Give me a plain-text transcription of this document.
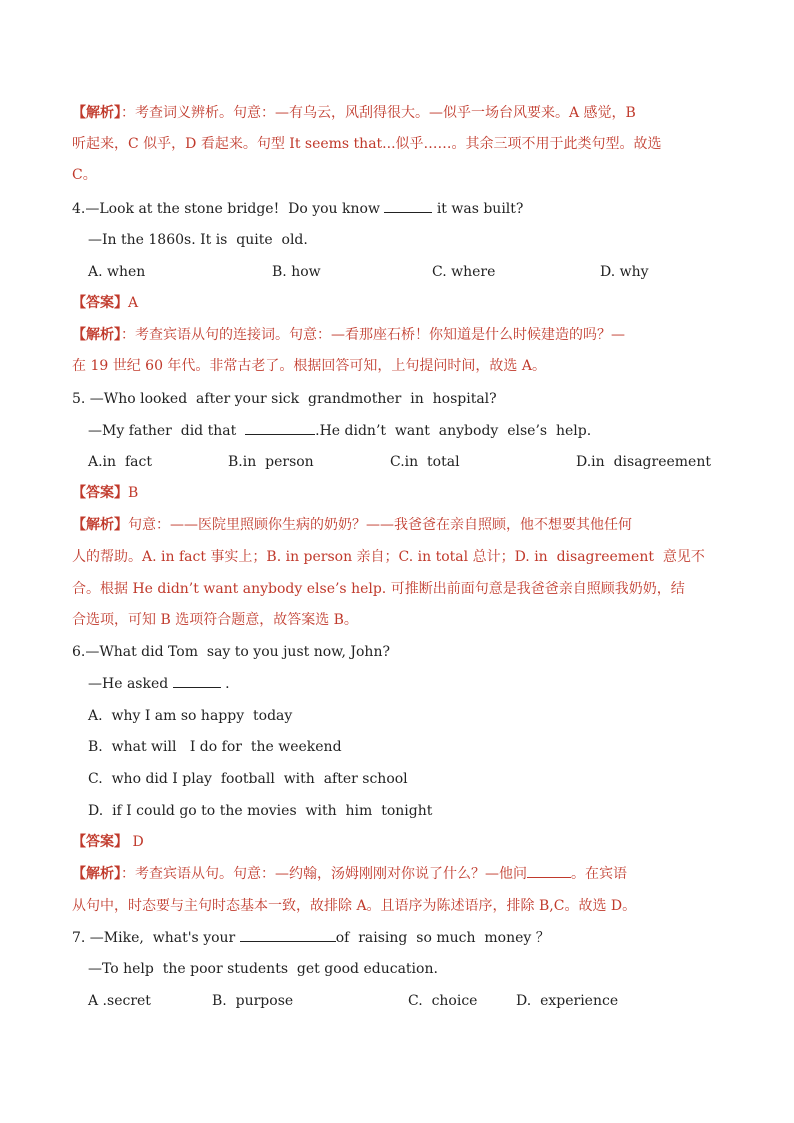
【解析】：考查词义辨析。句意：—有乌云，风刮得很大。—似乎一场台风要来。A 感觉，B
听起来，C 似乎，D 看起来。句型 It seems that...似乎……。其余三项不用于此类句型。故选
C。
4.—Look at the stone bridge!  Do you know	it was built?
—In the 1860s. It is  quite  old.
A. when	B. how	C. where	D. why
【答案】A
【解析】：考查宾语从句的连接词。句意：—看那座石桥！你知道是什么时候建造的吗？—
在 19 世纪 60 年代。非常古老了。根据回答可知，上句提问时间，故选 A。
5. —Who looked  after your sick  grandmother  in  hospital?
—My father  did that	.He didn’t  want  anybody  else’s  help.
A.in  fact	B.in  person	C.in  total	D.in  disagreement
【答案】B
【解析】句意：——医院里照顾你生病的奶奶？——我爸爸在亲自照顾，他不想要其他任何
人的帮助。A. in fact 事实上；B. in person 亲自；C. in total 总计；D. in  disagreement  意见不
合。根据 He didn’t want anybody else’s help. 可推断出前面句意是我爸爸亲自照顾我奶奶，结
合选项，可知 B 选项符合题意，故答案选 B。
6.—What did Tom  say to you just now, John?
—He asked	.
A.  why I am so happy  today
B.  what will   I do for  the weekend
C.  who did I play  football  with  after school
D.  if I could go to the movies  with  him  tonight
【答案】 D
【解析】：考查宾语从句。句意：—约翰，汤姆刚刚对你说了什么？—他问	。在宾语
从句中，时态要与主句时态基本一致，故排除 A。且语序为陈述语序，排除 B,C。故选 D。
7. —Mike,  what's your	of  raising  so much  money ？
—To help  the poor students  get good education.
A .secret	B.  purpose	C.  choice	D.  experience
